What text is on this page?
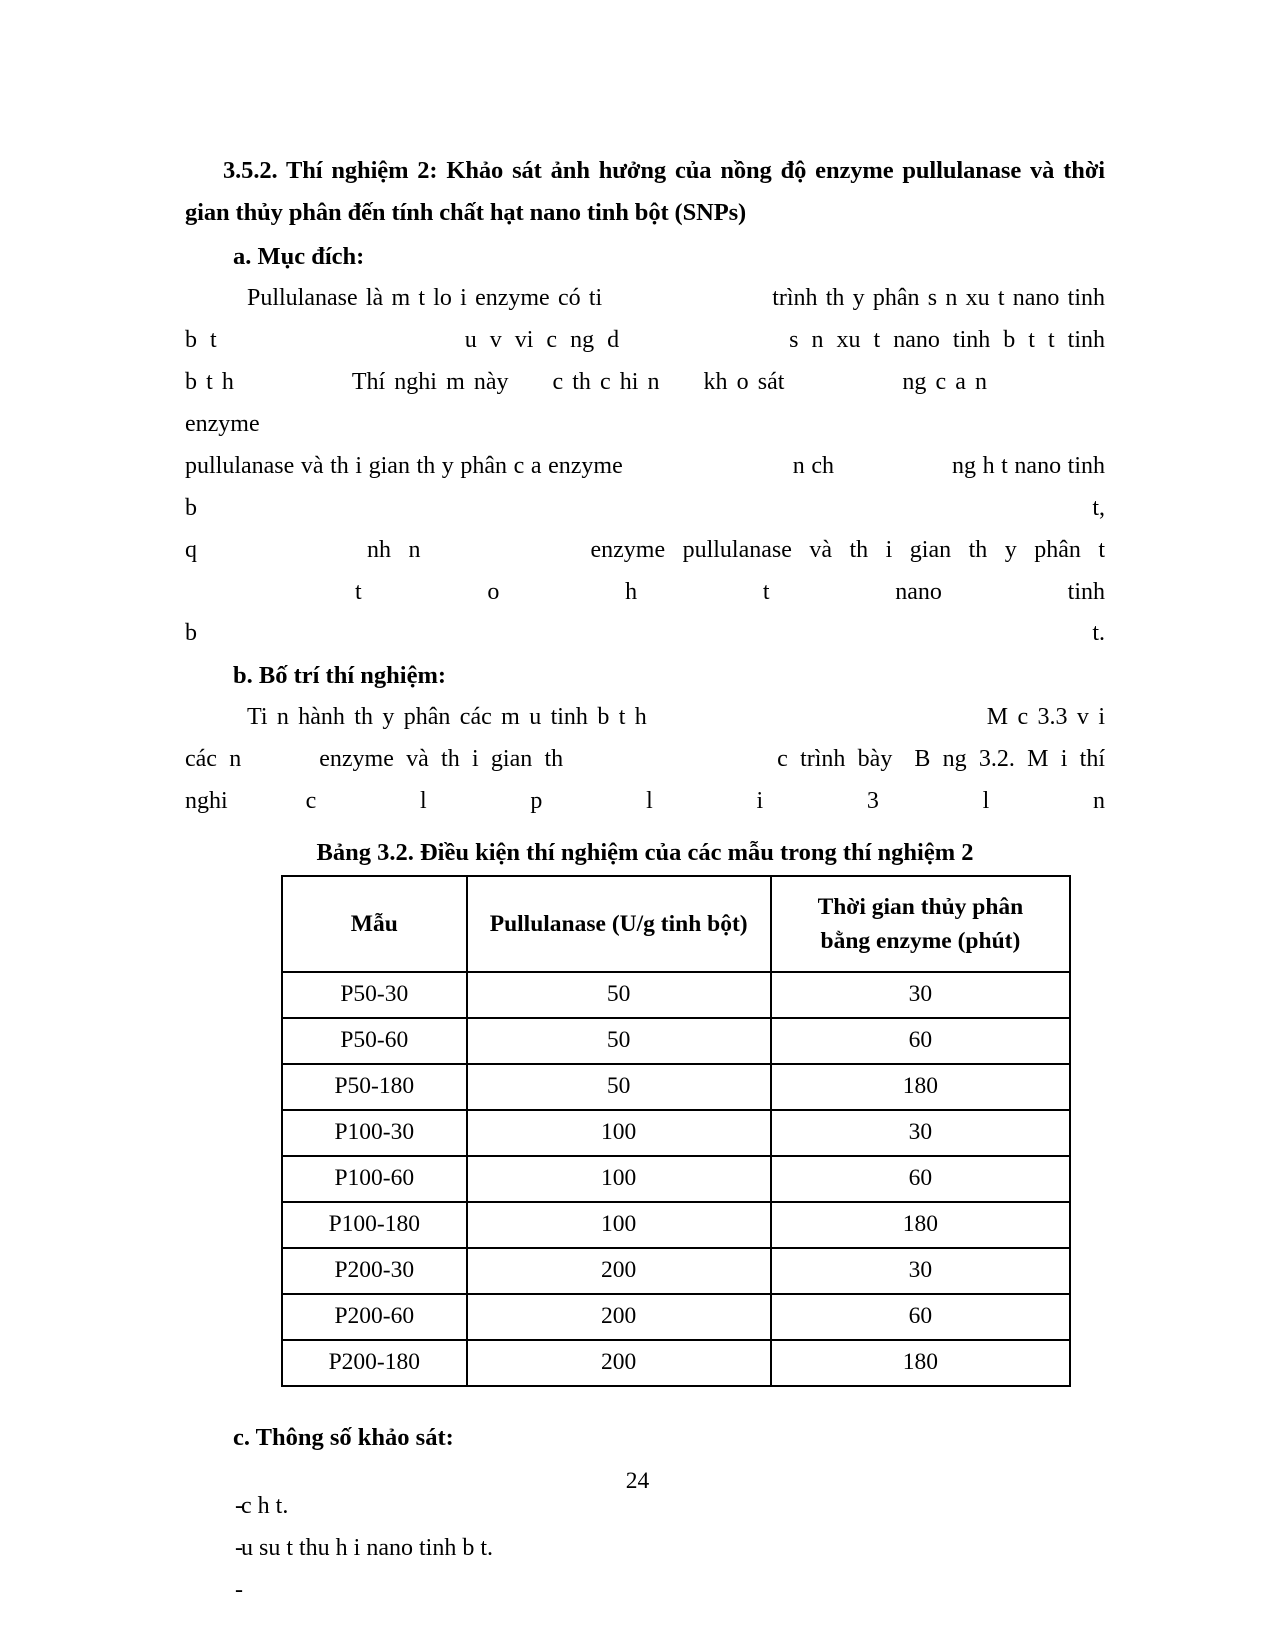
3.5.2. Thí nghiệm 2: Khảo sát ảnh hưởng của nồng độ enzyme pullulanase và thời gian thủy phân đến tính chất hạt nano tinh bột (SNPs)
a. Mục đích:

Pullulanase là m t lo i enzyme có ti	trình th y phân s n xu t nano tinh
b t	u v vi c ng d	s n xu t nano tinh b t t tinh
b t h	Thí nghi m này c th c hi n kh o sát	ng c a nenzyme
pullulanase và th i gian th y phân c a enzyme	n ch	ng h t nano tinh b t,
q	nh n	enzyme pullulanase và th i gian th y phân tt o h t nano tinh
b t.

b. Bố trí thí nghiệm:

Ti n hành th y phân các m u tinh b t h	M c 3.3 v i
các n	enzyme và th i gian th	c trình bày B ng 3.2. M i thí
nghi	c l p l i 3 l n

Bảng 3.2. Điều kiện thí nghiệm của các mẫu trong thí nghiệm 2
Mẫu	Pullulanase (U/g tinh bột)	Thời gian thủy phân
bằng enzyme (phút)

P50-30	50	30
P50-60	50	60
P50-180	50	180
P100-30	100	30
P100-60	100	60
P100-180	100	180
P200-30	200	30
P200-60	200	60
P200-180	200	180
c. Thông số khảo sát:
-c h t.
-u su t thu h i nano tinh b t.
-
24
